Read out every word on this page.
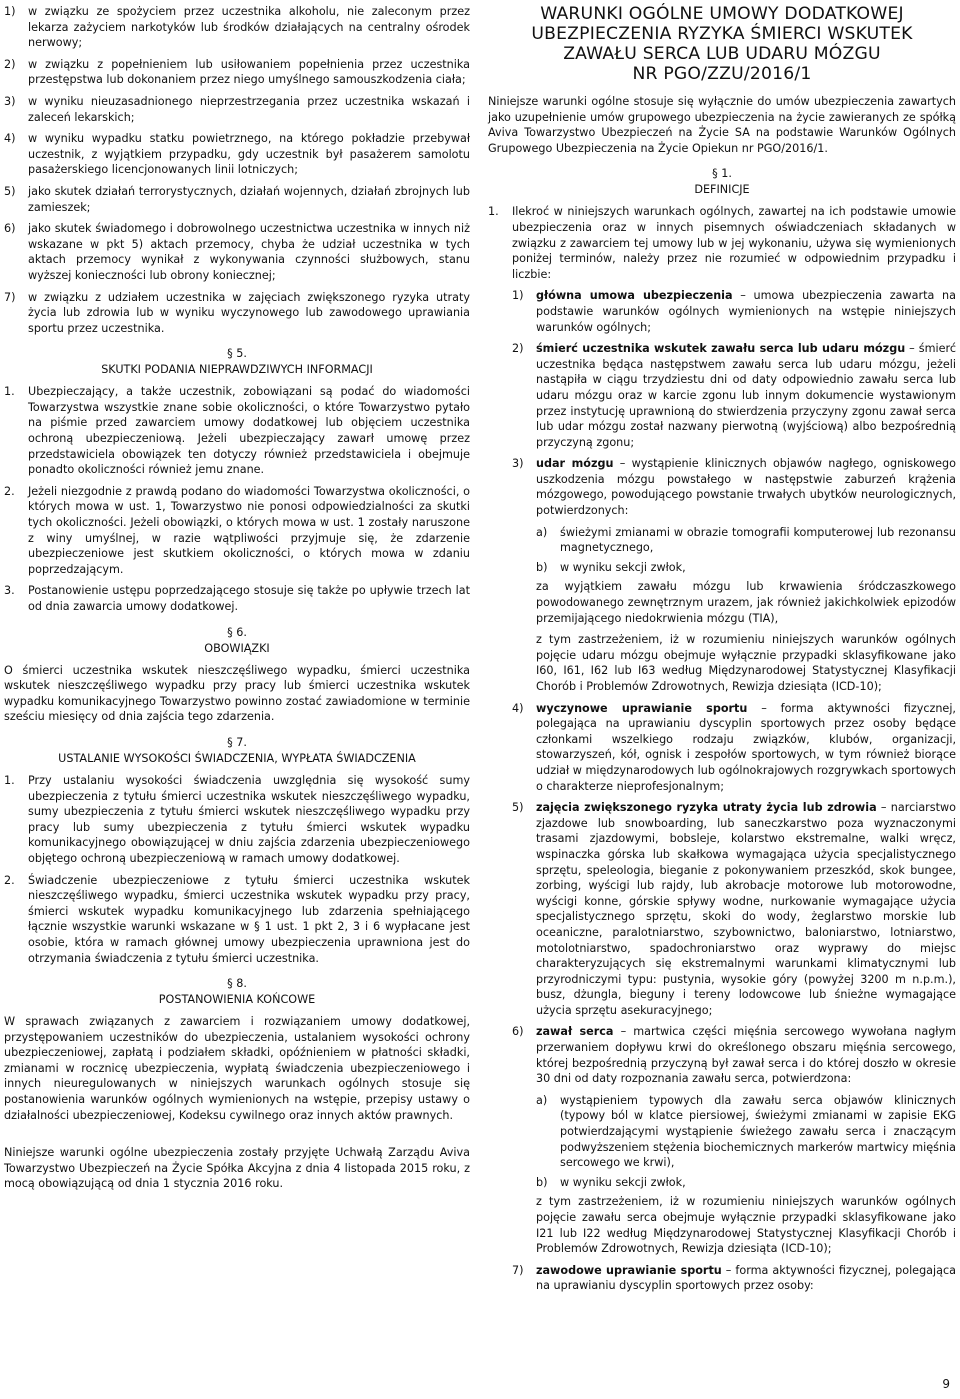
1)	w związku ze spożyciem przez uczestnika alkoholu, nie zaleconym przez lekarza zażyciem narkotyków lub środków działających na centralny ośrodek nerwowy;
2)	w związku z popełnieniem lub usiłowaniem popełnienia przez uczestnika przestępstwa lub dokonaniem przez niego umyślnego samouszkodzenia ciała;
3)	w wyniku nieuzasadnionego nieprzestrzegania przez uczestnika wskazań i zaleceń lekarskich;
4)	w wyniku wypadku statku powietrznego, na którego pokładzie przebywał uczestnik, z wyjątkiem przypadku, gdy uczestnik był pasażerem samolotu pasażerskiego licencjonowanych linii lotniczych;
5)	jako skutek działań terrorystycznych, działań wojennych, działań zbrojnych lub zamieszek;
6)	jako skutek świadomego i dobrowolnego uczestnictwa uczestnika w innych niż wskazane w pkt 5) aktach przemocy, chyba że udział uczestnika w tych aktach przemocy wynikał z wykonywania czynności służbowych, stanu wyższej konieczności lub obrony koniecznej;
7)	w związku z udziałem uczestnika w zajęciach zwiększonego ryzyka utraty życia lub zdrowia lub w wyniku wyczynowego lub zawodowego uprawiania sportu przez uczestnika.
§ 5.
SKUTKI PODANIA NIEPRAWDZIWYCH INFORMACJI
1.	Ubezpieczający, a także uczestnik, zobowiązani są podać do wiadomości Towarzystwa wszystkie znane sobie okoliczności, o które Towarzystwo pytało na piśmie przed zawarciem umowy dodatkowej lub objęciem uczestnika ochroną ubezpieczeniową. Jeżeli ubezpieczający zawarł umowę przez przedstawiciela obowiązek ten dotyczy również przedstawiciela i obejmuje ponadto okoliczności również jemu znane.
2.	Jeżeli niezgodnie z prawdą podano do wiadomości Towarzystwa okoliczności, o których mowa w ust. 1, Towarzystwo nie ponosi odpowiedzialności za skutki tych okoliczności. Jeżeli obowiązki, o których mowa w ust. 1 zostały naruszone z winy umyślnej, w razie wątpliwości przyjmuje się, że zdarzenie ubezpieczeniowe jest skutkiem okoliczności, o których mowa w zdaniu poprzedzającym.
3.	Postanowienie ustępu poprzedzającego stosuje się także po upływie trzech lat od dnia zawarcia umowy dodatkowej.
§ 6.
OBOWIĄZKI

O śmierci uczestnika wskutek nieszczęśliwego wypadku, śmierci uczestnika wskutek nieszczęśliwego wypadku przy pracy lub śmierci uczestnika wskutek wypadku komunikacyjnego Towarzystwo powinno zostać zawiadomione w terminie sześciu miesięcy od dnia zajścia tego zdarzenia.

§ 7.
USTALANIE WYSOKOŚCI ŚWIADCZENIA, WYPŁATA ŚWIADCZENIA
1.	Przy ustalaniu wysokości świadczenia uwzględnia się wysokość sumy ubezpieczenia z tytułu śmierci uczestnika wskutek nieszczęśliwego wypadku, sumy ubezpieczenia z tytułu śmierci wskutek nieszczęśliwego wypadku przy pracy lub sumy ubezpieczenia z tytułu śmierci wskutek wypadku komunikacyjnego obowiązującej w dniu zajścia zdarzenia ubezpieczeniowego objętego ochroną ubezpieczeniową w ramach umowy dodatkowej.
2.	Świadczenie ubezpieczeniowe z tytułu śmierci uczestnika wskutek nieszczęśliwego wypadku, śmierci uczestnika wskutek wypadku przy pracy, śmierci wskutek wypadku komunikacyjnego lub zdarzenia spełniającego łącznie wszystkie warunki wskazane w § 1 ust. 1 pkt 2, 3 i 6 wypłacane jest osobie, która w ramach głównej umowy ubezpieczenia uprawniona jest do otrzymania świadczenia z tytułu śmierci uczestnika.
§ 8.
POSTANOWIENIA KOŃCOWE

W sprawach związanych z zawarciem i rozwiązaniem umowy dodatkowej, przystępowaniem uczestników do ubezpieczenia, ustalaniem wysokości ochrony ubezpieczeniowej, zapłatą i podziałem składki, opóźnieniem w płatności składki, zmianami w rocznicę ubezpieczenia, wypłatą świadczenia ubezpieczeniowego i innych nieuregulowanych w niniejszych warunkach ogólnych stosuje się postanowienia warunków ogólnych wymienionych na wstępie, przepisy ustawy o działalności ubezpieczeniowej, Kodeksu cywilnego oraz innych aktów prawnych.

Niniejsze warunki ogólne ubezpieczenia zostały przyjęte Uchwałą Zarządu Aviva Towarzystwo Ubezpieczeń na Życie Spółka Akcyjna z dnia 4 listopada 2015 roku, z mocą obowiązującą od dnia 1 stycznia 2016 roku.

WARUNKI OGÓLNE UMOWY DODATKOWEJ
UBEZPIECZENIA RYZYKA ŚMIERCI WSKUTEK
ZAWAŁU SERCA LUB UDARU MÓZGU
NR PGO/ZZU/2016/1

Niniejsze warunki ogólne stosuje się wyłącznie do umów ubezpieczenia zawartych jako uzupełnienie umów grupowego ubezpieczenia na życie zawieranych ze spółką Aviva Towarzystwo Ubezpieczeń na Życie SA na podstawie Warunków Ogólnych Grupowego Ubezpieczenia na Życie Opiekun nr PGO/2016/1.

§ 1.
DEFINICJE
1.	Ilekroć w niniejszych warunkach ogólnych, zawartej na ich podstawie umowie ubezpieczenia oraz w innych pisemnych oświadczeniach składanych w związku z zawarciem tej umowy lub w jej wykonaniu, używa się wymienionych poniżej terminów, należy przez nie rozumieć w odpowiednim przypadku i liczbie:
1)	główna umowa ubezpieczenia – umowa ubezpieczenia zawarta na podstawie warunków ogólnych wymienionych na wstępie niniejszych warunków ogólnych;
2)	śmierć uczestnika wskutek zawału serca lub udaru mózgu – śmierć uczestnika będąca następstwem zawału serca lub udaru mózgu, jeżeli nastąpiła w ciągu trzydziestu dni od daty odpowiednio zawału serca lub udaru mózgu oraz w karcie zgonu lub innym dokumencie wystawionym przez instytucję uprawnioną do stwierdzenia przyczyny zgonu zawał serca lub udar mózgu został nazwany pierwotną (wyjściową) albo bezpośrednią przyczyną zgonu;
3)	udar mózgu – wystąpienie klinicznych objawów nagłego, ogniskowego uszkodzenia mózgu powstałego w następstwie zaburzeń krążenia mózgowego, powodującego powstanie trwałych ubytków neurologicznych, potwierdzonych:
a)	świeżymi zmianami w obrazie tomografii komputerowej lub rezonansu magnetycznego,
b)	w wyniku sekcji zwłok,

za wyjątkiem zawału mózgu lub krwawienia śródczaszkowego powodowanego zewnętrznym urazem, jak również jakichkolwiek epizodów przemijającego niedokrwienia mózgu (TIA),

z tym zastrzeżeniem, iż w rozumieniu niniejszych warunków ogólnych pojęcie udaru mózgu obejmuje wyłącznie przypadki sklasyfikowane jako I60, I61, I62 lub I63 według Międzynarodowej Statystycznej Klasyfikacji Chorób i Problemów Zdrowotnych, Rewizja dziesiąta (ICD-10);

4)	wyczynowe uprawianie sportu – forma aktywności fizycznej, polegająca na uprawianiu dyscyplin sportowych przez osoby będące członkami wszelkiego rodzaju związków, klubów, organizacji, stowarzyszeń, kół, ognisk i zespołów sportowych, w tym również biorące udział w międzynarodowych lub ogólnokrajowych rozgrywkach sportowych o charakterze nieprofesjonalnym;
5)	zajęcia zwiększonego ryzyka utraty życia lub zdrowia – narciarstwo zjazdowe lub snowboarding, lub saneczkarstwo poza wyznaczonymi trasami zjazdowymi, bobsleje, kolarstwo ekstremalne, walki wręcz, wspinaczka górska lub skałkowa wymagająca użycia specjalistycznego sprzętu, speleologia, bieganie z pokonywaniem przeszkód, skok bungee, zorbing, wyścigi lub rajdy, lub akrobacje motorowe lub motorowodne, wyścigi konne, górskie spływy wodne, nurkowanie wymagające użycia specjalistycznego sprzętu, skoki do wody, żeglarstwo morskie lub oceaniczne, paralotniarstwo, szybownictwo, baloniarstwo, lotniarstwo, motolotniarstwo, spadochroniarstwo oraz wyprawy do miejsc charakteryzujących się ekstremalnymi warunkami klimatycznymi lub przyrodniczymi typu: pustynia, wysokie góry (powyżej 3200 m n.p.m.), busz, dżungla, bieguny i tereny lodowcowe lub śnieżne wymagające użycia sprzętu asekuracyjnego;
6)	zawał serca – martwica części mięśnia sercowego wywołana nagłym przerwaniem dopływu krwi do określonego obszaru mięśnia sercowego, której bezpośrednią przyczyną był zawał serca i do której doszło w okresie 30 dni od daty rozpoznania zawału serca, potwierdzona:
a)	wystąpieniem typowych dla zawału serca objawów klinicznych (typowy ból w klatce piersiowej, świeżymi zmianami w zapisie EKG potwierdzającymi wystąpienie świeżego zawału serca i znaczącym podwyższeniem stężenia biochemicznych markerów martwicy mięśnia sercowego we krwi),
b)	w wyniku sekcji zwłok,

z tym zastrzeżeniem, iż w rozumieniu niniejszych warunków ogólnych pojęcie zawału serca obejmuje wyłącznie przypadki sklasyfikowane jako I21 lub I22 według Międzynarodowej Statystycznej Klasyfikacji Chorób i Problemów Zdrowotnych, Rewizja dziesiąta (ICD-10);

7)	zawodowe uprawianie sportu – forma aktywności fizycznej, polegająca na uprawianiu dyscyplin sportowych przez osoby:
9
